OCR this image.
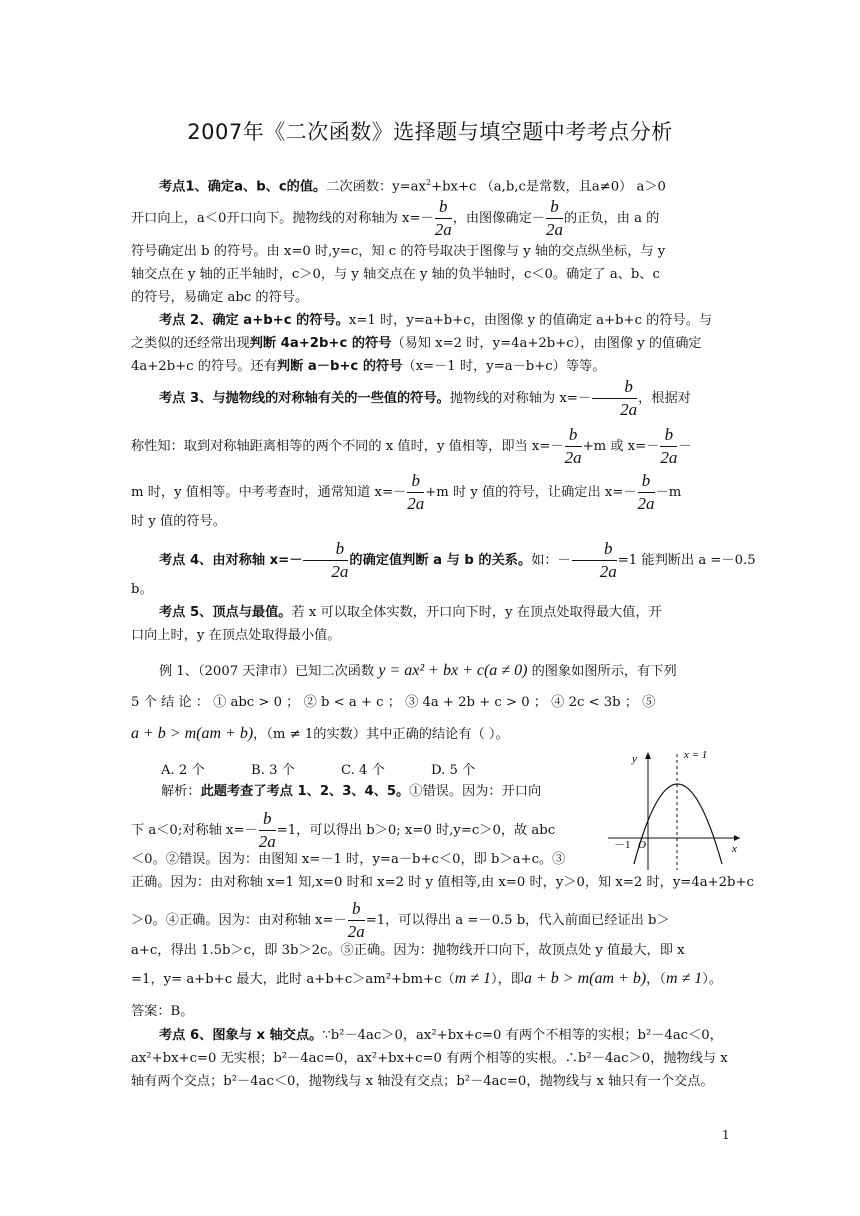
2007年《二次函数》选择题与填空题中考考点分析
考点1、确定a、b、c的值。二次函数：$y=ax^2+bx+c$ （a,b,c是常数，且a≠0） a＞0
开口向上，a＜0开口向下。抛物线的对称轴为 $x=- \frac{b}{2a}$ ，由图像确定－ $\frac{b}{2a}$ 的正负，由 a 的
符号确定出 b 的符号。由 x=0 时,y=c，知 c 的符号取决于图像与 y 轴的交点纵坐标，与 y
轴交点在 y 轴的正半轴时，c＞0，与 y 轴交点在 y 轴的负半轴时，c＜0。确定了 a、b、c
的符号，易确定 abc 的符号。
考点 2、确定 a+b+c 的符号。x=1 时，y=a+b+c，由图像 y 的值确定 a+b+c 的符号。与
之类似的还经常出现判断 4a+2b+c 的符号（易知 x=2 时，y=4a+2b+c），由图像 y 的值确定
4a+2b+c 的符号。还有判断 a－b+c 的符号（x=－1 时，y=a－b+c）等等。
考点 3、与抛物线的对称轴有关的一些值的符号。抛物线的对称轴为 $x=- \frac{b}{2a}$ ，根据对
称性知：取到对称轴距离相等的两个不同的 x 值时，y 值相等，即当 $x=- \frac{b}{2a} +m$ 或 $x=- \frac{b}{2a}$ －
m 时，y 值相等。中考考查时，通常知道 $x=- \frac{b}{2a} +m$ 时 y 值的符号，让确定出 $x=- \frac{b}{2a} -m$
时 y 值的符号。
考点 4、由对称轴 $x=- \frac{b}{2a}$ 的确定值判断 a 与 b 的关系。如：－ $\frac{b}{2a} =1$ 能判断出 a =－0.5
b。
考点 5、顶点与最值。若 x 可以取全体实数，开口向下时，y 在顶点处取得最大值，开
口向上时，y 在顶点处取得最小值。
例 1、（2007 天津市）已知二次函数 y = ax² + bx + c(a ≠ 0) 的图象如图所示，有下列
5 个 结 论 ： ① abc > 0 ； ② b < a + c ； ③ 4a + 2b + c > 0 ； ④ 2c < 3b ； ⑤
a + b > m(am + b)，（m ≠ 1的实数）其中正确的结论有（ ）。
A. 2 个	B. 3 个	C. 4 个	D. 5 个
解析：此题考查了考点 1、2、3、4、5。①错误。因为：开口向
下 a＜0;对称轴 $x=- \frac{b}{2a} =1$，可以得出 b＞0; x=0 时,y=c＞0，故 abc
＜0。②错误。因为：由图知 x=－1 时，y=a－b+c＜0，即 b＞a+c。③
正确。因为：由对称轴 x=1 知,x=0 时和 x=2 时 y 值相等,由 x=0 时，y＞0，知 x=2 时，y=4a+2b+c
＞0。④正确。因为：由对称轴 $x=- \frac{b}{2a} =1$，可以得出 a =－0.5 b，代入前面已经证出 b＞
a+c，得出 1.5b＞c，即 3b＞2c。⑤正确。因为：抛物线开口向下，故顶点处 y 值最大，即 x
=1，y= a+b+c 最大，此时 a+b+c＞am²+bm+c（m ≠ 1），即a + b > m(am + b)，（m ≠ 1）。
答案：B。
考点 6、图象与 x 轴交点。∵b²－4ac＞0，ax²+bx+c=0 有两个不相等的实根；b²－4ac＜0，
ax²+bx+c=0 无实根；b²－4ac=0，ax²+bx+c=0 有两个相等的实根。∴b²－4ac＞0，抛物线与 x
轴有两个交点；b²－4ac＜0，抛物线与 x 轴没有交点；b²－4ac=0，抛物线与 x 轴只有一个交点。
y
x
x = 1
－1 O
1
